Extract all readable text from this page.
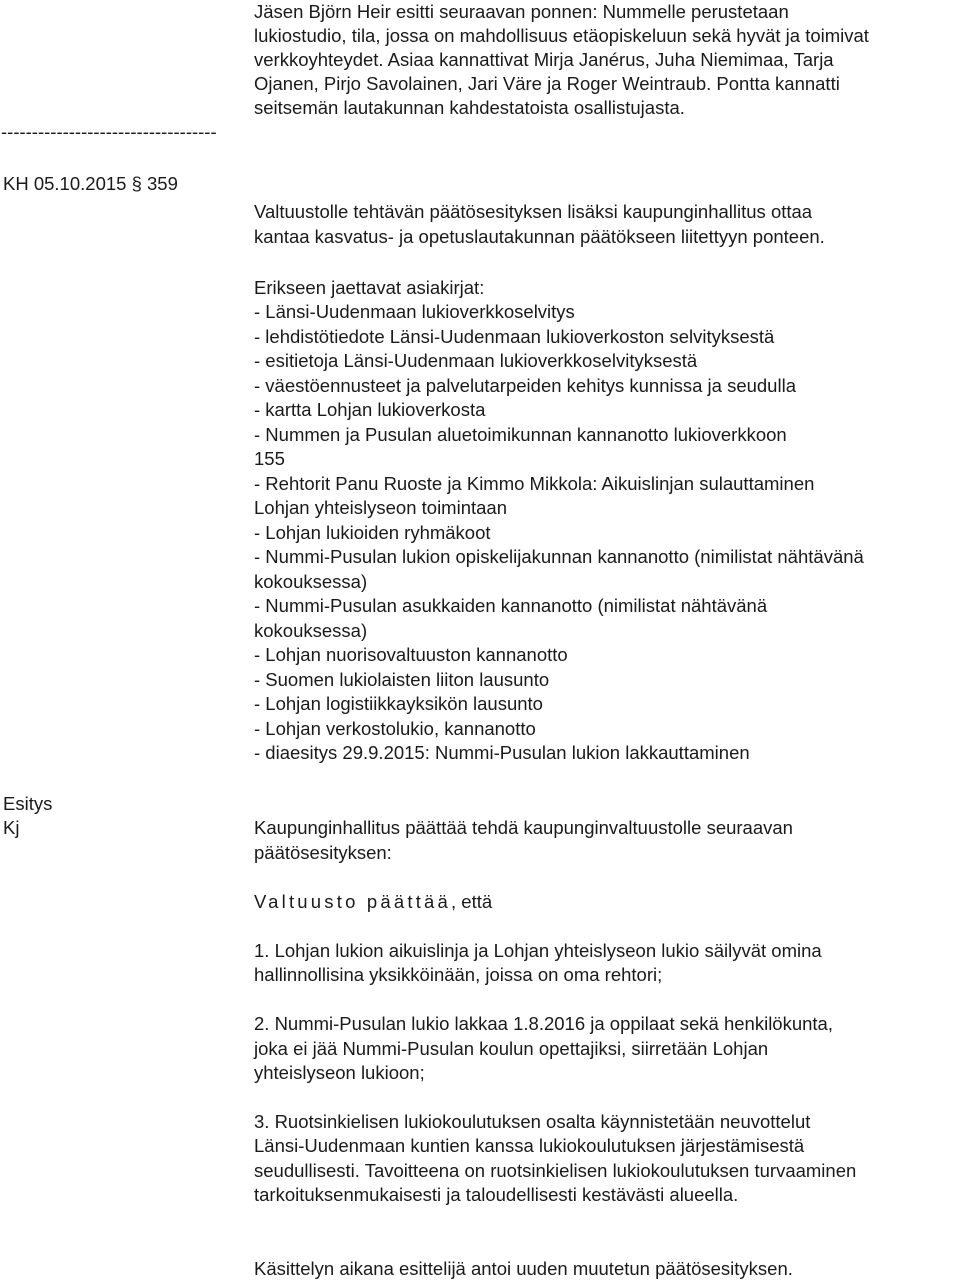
Jäsen Björn Heir esitti seuraavan ponnen: Nummelle perustetaan
lukiostudio, tila, jossa on mahdollisuus etäopiskeluun sekä hyvät ja toimivat
verkkoyhteydet. Asiaa kannattivat Mirja Janérus, Juha Niemimaa, Tarja
Ojanen, Pirjo Savolainen, Jari Väre ja Roger Weintraub. Pontta kannatti
seitsemän lautakunnan kahdestatoista osallistujasta.
-----------------------------------
KH 05.10.2015 § 359
Valtuustolle tehtävän päätösesityksen lisäksi kaupunginhallitus ottaa
kantaa kasvatus- ja opetuslautakunnan päätökseen liitettyyn ponteen.
Erikseen jaettavat asiakirjat:
- Länsi-Uudenmaan lukioverkkoselvitys
- lehdistötiedote Länsi-Uudenmaan lukioverkoston selvityksestä
- esitietoja Länsi-Uudenmaan lukioverkkoselvityksestä
- väestöennusteet ja palvelutarpeiden kehitys kunnissa ja seudulla
- kartta Lohjan lukioverkosta
- Nummen ja Pusulan aluetoimikunnan kannanotto lukioverkkoon
155
- Rehtorit Panu Ruoste ja Kimmo Mikkola: Aikuislinjan sulauttaminen
Lohjan yhteislyseon toimintaan
- Lohjan lukioiden ryhmäkoot
- Nummi-Pusulan lukion opiskelijakunnan kannanotto (nimilistat nähtävänä
kokouksessa)
- Nummi-Pusulan asukkaiden kannanotto (nimilistat nähtävänä
kokouksessa)
- Lohjan nuorisovaltuuston kannanotto
- Suomen lukiolaisten liiton lausunto
- Lohjan logistiikkayksikön lausunto
- Lohjan verkostolukio, kannanotto
- diaesitys 29.9.2015: Nummi-Pusulan lukion lakkauttaminen
Esitys
Kj	Kaupunginhallitus päättää tehdä kaupunginvaltuustolle seuraavan
päätösesityksen:
Valtuusto päättää, että
1. Lohjan lukion aikuislinja ja Lohjan yhteislyseon lukio säilyvät omina
hallinnollisina yksikköinään, joissa on oma rehtori;
2. Nummi-Pusulan lukio lakkaa 1.8.2016 ja oppilaat sekä henkilökunta,
joka ei jää Nummi-Pusulan koulun opettajiksi, siirretään Lohjan
yhteislyseon lukioon;
3. Ruotsinkielisen lukiokoulutuksen osalta käynnistetään neuvottelut
Länsi-Uudenmaan kuntien kanssa lukiokoulutuksen järjestämisestä
seudullisesti. Tavoitteena on ruotsinkielisen lukiokoulutuksen turvaaminen
tarkoituksenmukaisesti ja taloudellisesti kestävästi alueella.
Käsittelyn aikana esittelijä antoi uuden muutetun päätösesityksen.
